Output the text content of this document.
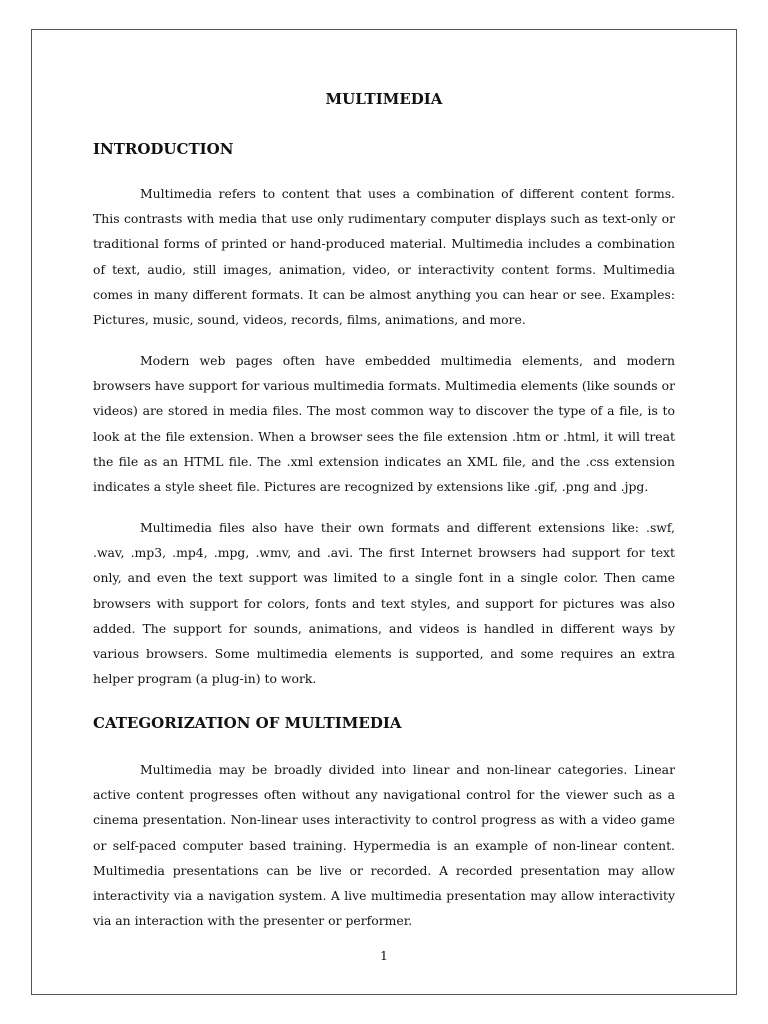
MULTIMEDIA
INTRODUCTION

Multimedia refers to content that uses a combination of different content forms. This contrasts with media that use only rudimentary computer displays such as text-only or traditional forms of printed or hand-produced material. Multimedia includes a combination of text, audio, still images, animation, video, or interactivity content forms. Multimedia comes in many different formats. It can be almost anything you can hear or see. Examples: Pictures, music, sound, videos, records, films, animations, and more.

Modern web pages often have embedded multimedia elements, and modern browsers have support for various multimedia formats. Multimedia elements (like sounds or videos) are stored in media files. The most common way to discover the type of a file, is to look at the file extension. When a browser sees the file extension .htm or .html, it will treat the file as an HTML file. The .xml extension indicates an XML file, and the .css extension indicates a style sheet file. Pictures are recognized by extensions like .gif, .png and .jpg.

Multimedia files also have their own formats and different extensions like: .swf, .wav, .mp3, .mp4, .mpg, .wmv, and .avi. The first Internet browsers had support for text only, and even the text support was limited to a single font in a single color. Then came browsers with support for colors, fonts and text styles, and support for pictures was also added. The support for sounds, animations, and videos is handled in different ways by various browsers. Some multimedia elements is supported, and some requires an extra helper program (a plug-in) to work.

CATEGORIZATION OF MULTIMEDIA

Multimedia may be broadly divided into linear and non-linear categories. Linear active content progresses often without any navigational control for the viewer such as a cinema presentation. Non-linear uses interactivity to control progress as with a video game or self-paced computer based training. Hypermedia is an example of non-linear content. Multimedia presentations can be live or recorded. A recorded presentation may allow interactivity via a navigation system. A live multimedia presentation may allow interactivity via an interaction with the presenter or performer.

1
